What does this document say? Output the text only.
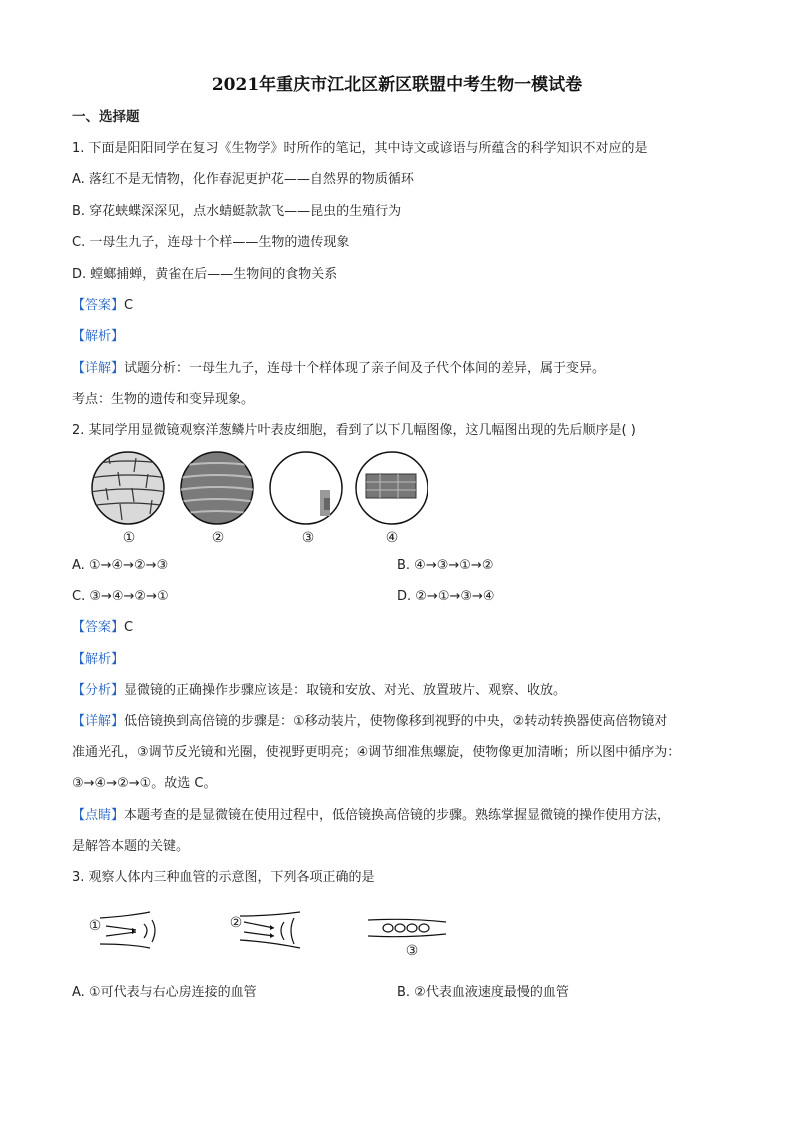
2021年重庆市江北区新区联盟中考生物一模试卷
一、选择题
1. 下面是阳阳同学在复习《生物学》时所作的笔记，其中诗文或谚语与所蕴含的科学知识不对应的是
A. 落红不是无情物，化作春泥更护花——自然界的物质循环
B. 穿花蛱蝶深深见，点水蜻蜓款款飞——昆虫的生殖行为
C. 一母生九子，连母十个样——生物的遗传现象
D. 螳螂捕蝉，黄雀在后——生物间的食物关系
【答案】C
【解析】
【详解】试题分析：一母生九子，连母十个样体现了亲子间及子代个体间的差异，属于变异。
考点：生物的遗传和变异现象。
2. 某同学用显微镜观察洋葱鳞片叶表皮细胞，看到了以下几幅图像，这几幅图出现的先后顺序是( )
①	②	③	④
A. ①→④→②→③	B. ④→③→①→②
C. ③→④→②→①	D. ②→①→③→④
【答案】C
【解析】
【分析】显微镜的正确操作步骤应该是：取镜和安放、对光、放置玻片、观察、收放。
【详解】低倍镜换到高倍镜的步骤是：①移动装片，使物像移到视野的中央，②转动转换器使高倍物镜对
准通光孔，③调节反光镜和光圈，使视野更明亮；④调节细准焦螺旋，使物像更加清晰；所以图中循序为：
③→④→②→①。故选 C。
【点睛】本题考查的是显微镜在使用过程中，低倍镜换高倍镜的步骤。熟练掌握显微镜的操作使用方法，
是解答本题的关键。
3. 观察人体内三种血管的示意图，下列各项正确的是
①	②
③
A. ①可代表与右心房连接的血管	B. ②代表血液速度最慢的血管
